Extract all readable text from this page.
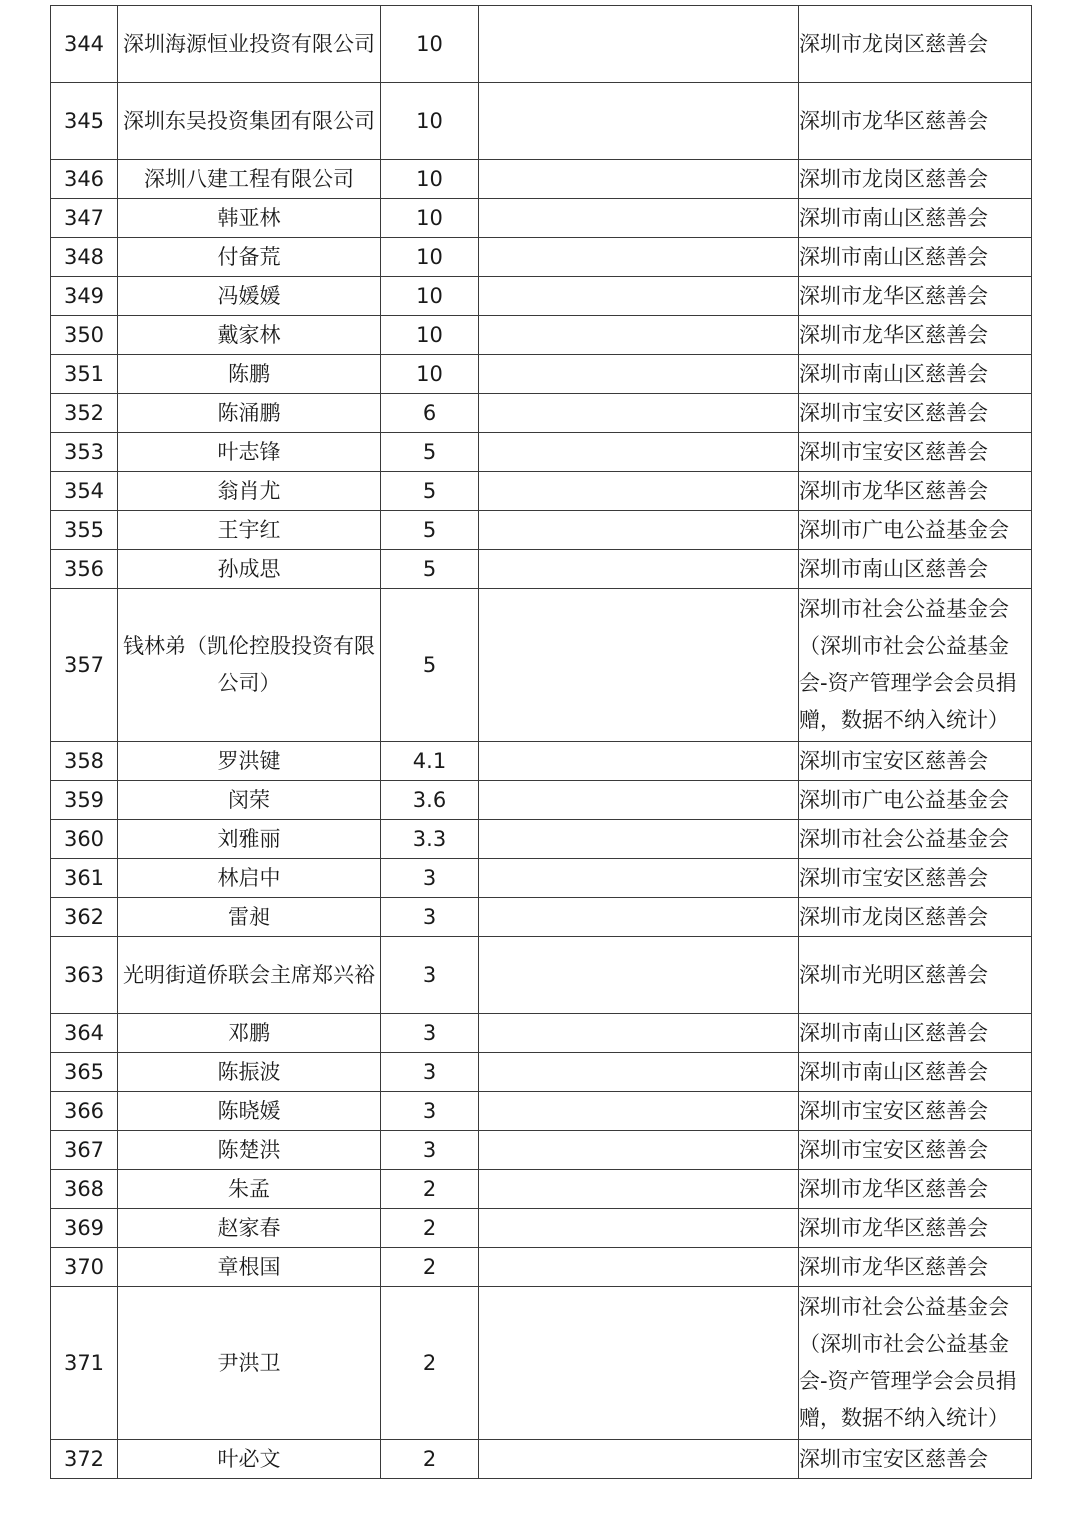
344	深圳海源恒业投资有限公司	10		深圳市龙岗区慈善会
345	深圳东吴投资集团有限公司	10		深圳市龙华区慈善会
346	深圳八建工程有限公司	10		深圳市龙岗区慈善会
347	韩亚林	10		深圳市南山区慈善会
348	付备荒	10		深圳市南山区慈善会
349	冯媛媛	10		深圳市龙华区慈善会
350	戴家林	10		深圳市龙华区慈善会
351	陈鹏	10		深圳市南山区慈善会
352	陈涌鹏	6		深圳市宝安区慈善会
353	叶志锋	5		深圳市宝安区慈善会
354	翁肖尤	5		深圳市龙华区慈善会
355	王宇红	5		深圳市广电公益基金会
356	孙成思	5		深圳市南山区慈善会
357	钱林弟（凯伦控股投资有限公司）	5		深圳市社会公益基金会（深圳市社会公益基金会-资产管理学会会员捐赠，数据不纳入统计）
358	罗洪键	4.1		深圳市宝安区慈善会
359	闵荣	3.6		深圳市广电公益基金会
360	刘雅丽	3.3		深圳市社会公益基金会
361	林启中	3		深圳市宝安区慈善会
362	雷昶	3		深圳市龙岗区慈善会
363	光明街道侨联会主席郑兴裕	3		深圳市光明区慈善会
364	邓鹏	3		深圳市南山区慈善会
365	陈振波	3		深圳市南山区慈善会
366	陈晓媛	3		深圳市宝安区慈善会
367	陈楚洪	3		深圳市宝安区慈善会
368	朱孟	2		深圳市龙华区慈善会
369	赵家春	2		深圳市龙华区慈善会
370	章根国	2		深圳市龙华区慈善会
371	尹洪卫	2		深圳市社会公益基金会（深圳市社会公益基金会-资产管理学会会员捐赠，数据不纳入统计）
372	叶必文	2		深圳市宝安区慈善会
